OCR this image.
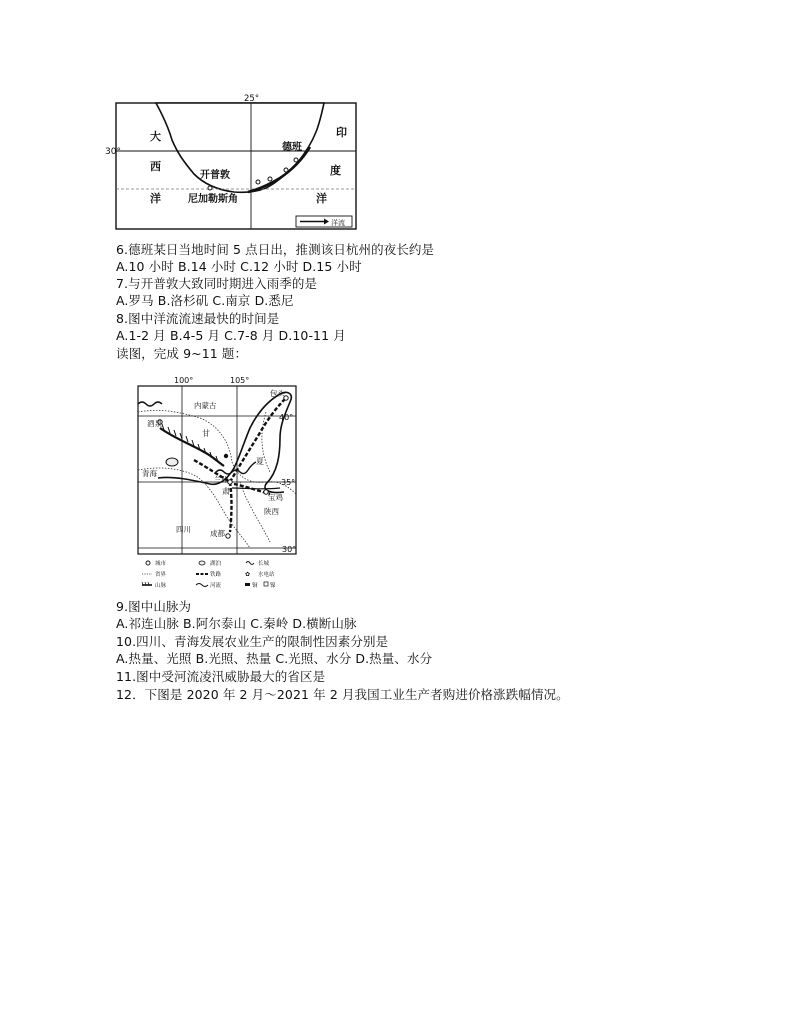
25°
30°
大
西
洋
印
度
洋
开普敦
德班
尼加勒斯角
洋流
6.德班某日当地时间 5 点日出，推测该日杭州的夜长约是
A.10 小时 B.14 小时 C.12 小时 D.15 小时
7.与开普敦大致同时期进入雨季的是
A.罗马 B.洛杉矶 C.南京 D.悉尼
8.图中洋流流速最快的时间是
A.1-2 月 B.4-5 月 C.7-8 月 D.10-11 月
读图，完成 9~11 题：
100°	105°
40°
35°
30°
内蒙古
包头
酒泉
甘
夏
青海
兰州
肃
宝鸡
陕西
四川	成都
城市	湖泊	长城
省界	铁路	✿ 水电站
山脉	河流	铜 镍
9.图中山脉为
A.祁连山脉 B.阿尔泰山 C.秦岭 D.横断山脉
10.四川、青海发展农业生产的限制性因素分别是
A.热量、光照 B.光照、热量 C.光照、水分 D.热量、水分
11.图中受河流凌汛威胁最大的省区是
12．下图是 2020 年 2 月～2021 年 2 月我国工业生产者购进价格涨跌幅情况。
